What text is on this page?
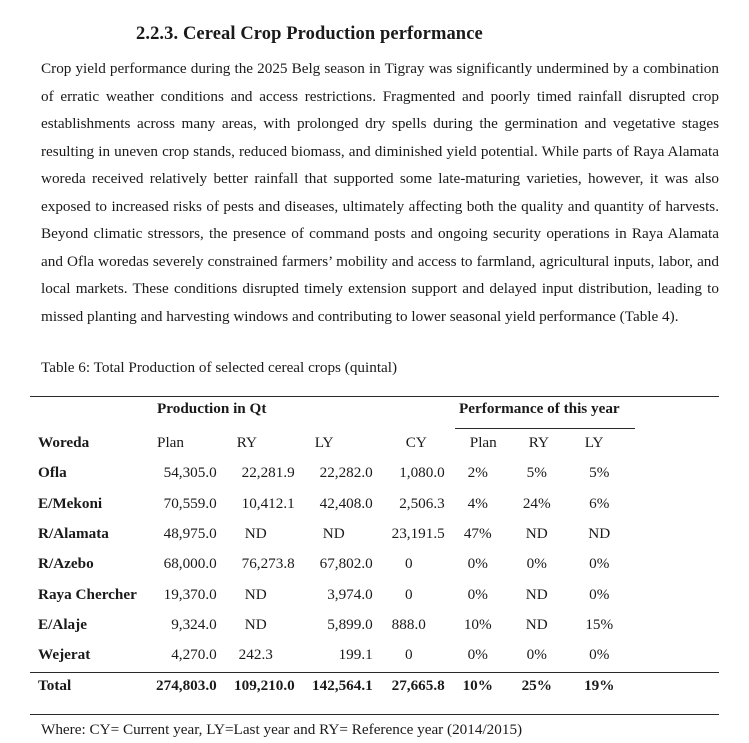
2.2.3. Cereal Crop Production performance
Crop yield performance during the 2025 Belg season in Tigray was significantly undermined by a combination of erratic weather conditions and access restrictions. Fragmented and poorly timed rainfall disrupted crop establishments across many areas, with prolonged dry spells during the germination and vegetative stages resulting in uneven crop stands, reduced biomass, and diminished yield potential. While parts of Raya Alamata woreda received relatively better rainfall that supported some late-maturing varieties, however, it was also exposed to increased risks of pests and diseases, ultimately affecting both the quality and quantity of harvests. Beyond climatic stressors, the presence of command posts and ongoing security operations in Raya Alamata and Ofla woredas severely constrained farmers’ mobility and access to farmland, agricultural inputs, labor, and local markets. These conditions disrupted timely extension support and delayed input distribution, leading to missed planting and harvesting windows and contributing to lower seasonal yield performance (Table 4).
Table 6: Total Production of selected cereal crops (quintal)
Production in Qt	Performance of this year
Woreda	Plan	RY	LY	CY	Plan	RY	LY
Ofla	54,305.0	22,281.9	22,282.0	1,080.0	2%	5%	5%
E/Mekoni	70,559.0	10,412.1	42,408.0	2,506.3	4%	24%	6%
R/Alamata	48,975.0	ND	ND	23,191.5	47%	ND	ND
R/Azebo	68,000.0	76,273.8	67,802.0	0	0%	0%	0%
Raya Chercher	19,370.0	ND	3,974.0	0	0%	ND	0%
E/Alaje	9,324.0	ND	5,899.0	888.0	10%	ND	15%
Wejerat	4,270.0	242.3	199.1	0	0%	0%	0%
Total	274,803.0	109,210.0	142,564.1	27,665.8	10%	25%	19%
Where: CY= Current year, LY=Last year and RY= Reference year (2014/2015)
